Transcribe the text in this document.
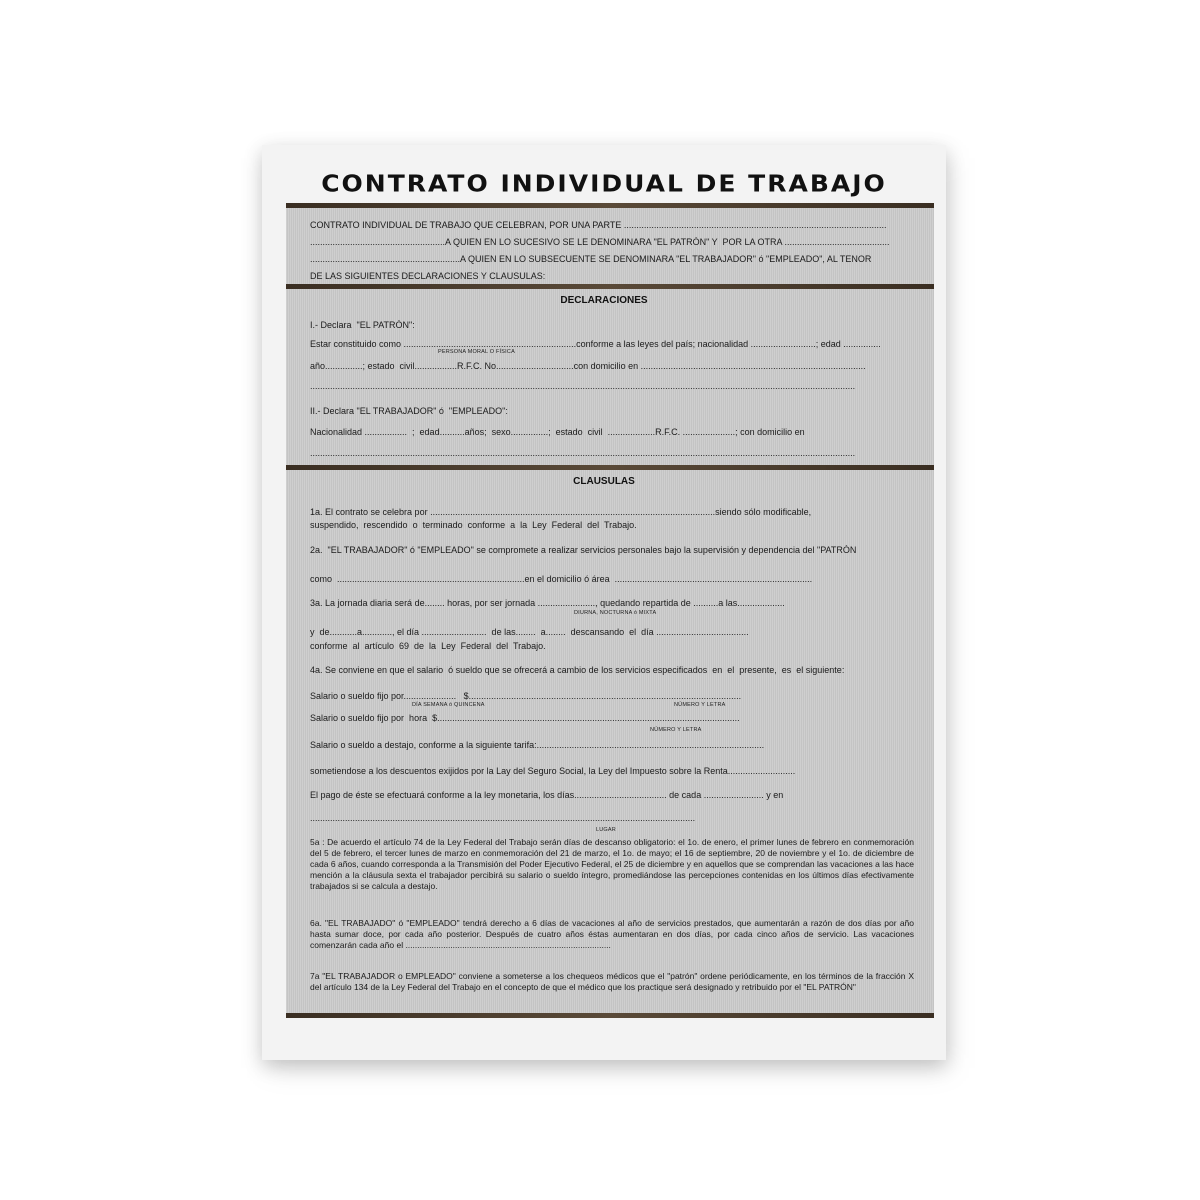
CONTRATO INDIVIDUAL DE TRABAJO
CONTRATO INDIVIDUAL DE TRABAJO QUE CELEBRAN, POR UNA PARTE .........................................................................................................
......................................................A QUIEN EN LO SUCESIVO SE LE DENOMINARA "EL PATRÓN" Y  POR LA OTRA ..........................................
............................................................A QUIEN EN LO SUBSECUENTE SE DENOMINARA "EL TRABAJADOR" ó "EMPLEADO", AL TENOR
DE LAS SIGUIENTES DECLARACIONES Y CLAUSULAS:
DECLARACIONES
I.- Declara  "EL PATRÓN":
Estar constituido como .....................................................................conforme a las leyes del país; nacionalidad ..........................; edad ...............
PERSONA MORAL O FÍSICA
año...............; estado  civil.................R.F.C. No...............................con domicilio en ..........................................................................................
..........................................................................................................................................................................................................................
II.- Declara "EL TRABAJADOR" ó  "EMPLEADO":
Nacionalidad .................  ;  edad..........años;  sexo...............;  estado  civil  ...................R.F.C. .....................; con domicilio en
..........................................................................................................................................................................................................................
CLAUSULAS
1a. El contrato se celebra por ..................................................................................................................siendo sólo modificable,
suspendido,  rescendido  o  terminado  conforme  a  la  Ley  Federal  del  Trabajo.
2a.  "EL TRABAJADOR" ó "EMPLEADO" se compromete a realizar servicios personales bajo la supervisión y dependencia del "PATRÓN
como  ...........................................................................en el domicilio ó área  ...............................................................................
3a. La jornada diaria será de........ horas, por ser jornada ......................., quedando repartida de ..........a las...................
DIURNA, NOCTURNA ó MIXTA
y  de...........a............, el día ..........................  de las........  a........  descansando  el  día .....................................
conforme  al  artículo  69  de  la  Ley  Federal  del  Trabajo.
4a. Se conviene en que el salario  ó sueldo que se ofrecerá a cambio de los servicios especificados  en  el  presente,  es  el siguiente:
Salario o sueldo fijo por.....................   $.............................................................................................................
DÍA SEMANA ó QUINCENA	NÚMERO Y LETRA
Salario o sueldo fijo por  hora  $.........................................................................................................................
NÚMERO Y LETRA
Salario o sueldo a destajo, conforme a la siguiente tarifa:...........................................................................................
sometiendose a los descuentos exijidos por la Lay del Seguro Social, la Ley del Impuesto sobre la Renta...........................
El pago de éste se efectuará conforme a la ley monetaria, los días..................................... de cada ........................ y en
..........................................................................................................................................................
LUGAR
5a : De acuerdo el artículo 74 de la Ley Federal del Trabajo serán días de descanso obligatorio: el 1o. de enero, el primer lunes de febrero en conmemoración del 5 de febrero, el tercer lunes de marzo en conmemoración del 21 de marzo, el 1o. de mayo; el 16 de septiembre, 20 de noviembre y el 1o. de diciembre de cada 6 años, cuando corresponda a la Transmisión del Poder Ejecutivo Federal, el 25 de diciembre y en aquellos que se comprendan las vacaciones a las hace mención a la cláusula sexta el trabajador percibirá su salario o sueldo íntegro, promediándose las percepciones contenidas en los últimos días efectivamente trabajados si se calcula a destajo.
6a. "EL TRABAJADO" ó "EMPLEADO" tendrá derecho a 6 días de vacaciones al año de servicios prestados, que aumentarán a razón de dos días por año hasta sumar doce, por cada año posterior. Después de cuatro años éstas aumentaran en dos días, por cada cinco años de servicio. Las vacaciones comenzarán cada año el .......................................................................................
7a "EL TRABAJADOR o EMPLEADO" conviene a someterse a los chequeos médicos que el "patrón" ordene periódicamente, en los términos de la fracción X del artículo 134 de la Ley Federal del Trabajo en el concepto de que el médico que los practique será designado y retribuido por el "EL PATRÓN"
